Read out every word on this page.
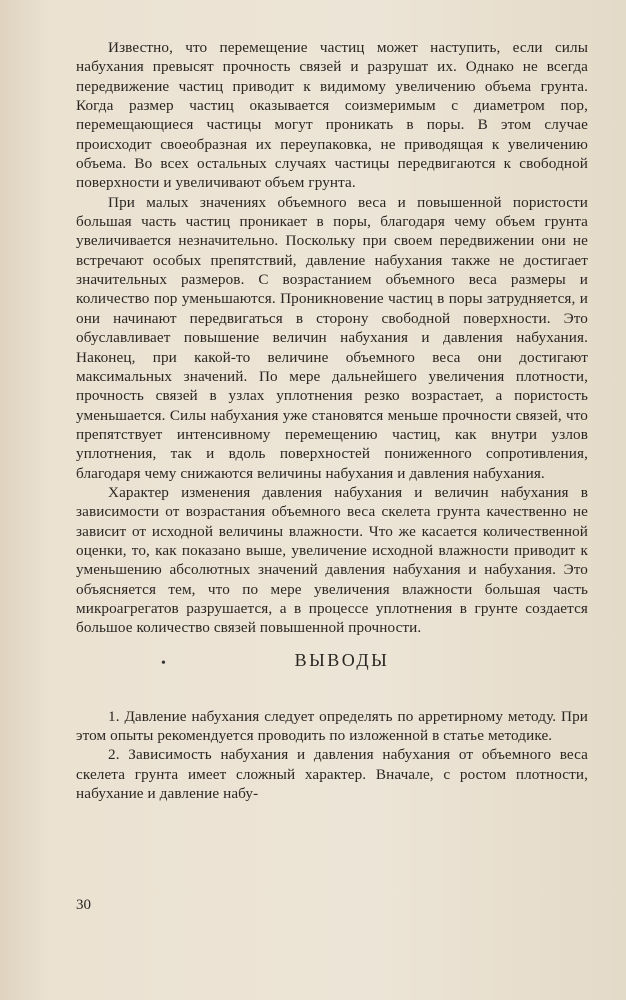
Известно, что перемещение частиц может наступить, если силы набухания превысят прочность связей и разрушат их. Однако не всегда передвижение частиц приводит к видимому увеличению объема грунта. Когда размер частиц оказывается соизмеримым с диаметром пор, перемещающиеся частицы могут проникать в поры. В этом случае происходит своеобразная их переупаковка, не приводящая к увеличению объема. Во всех остальных случаях частицы передвигаются к свободной поверхности и увеличивают объем грунта.

При малых значениях объемного веса и повышенной пористости большая часть частиц проникает в поры, благодаря чему объем грунта увеличивается незначительно. Поскольку при своем передвижении они не встречают особых препятствий, давление набухания также не достигает значительных размеров. С возрастанием объемного веса размеры и количество пор уменьшаются. Проникновение частиц в поры затрудняется, и они начинают передвигаться в сторону свободной поверхности. Это обуславливает повышение величин набухания и давления набухания. Наконец, при какой-то величине объемного веса они достигают максимальных значений. По мере дальнейшего увеличения плотности, прочность связей в узлах уплотнения резко возрастает, а пористость уменьшается. Силы набухания уже становятся меньше прочности связей, что препятствует интенсивному перемещению частиц, как внутри узлов уплотнения, так и вдоль поверхностей пониженного сопротивления, благодаря чему снижаются величины набухания и давления набухания.

Характер изменения давления набухания и величин набухания в зависимости от возрастания объемного веса скелета грунта качественно не зависит от исходной величины влажности. Что же касается количественной оценки, то, как показано выше, увеличение исходной влажности приводит к уменьшению абсолютных значений давления набухания и набухания. Это объясняется тем, что по мере увеличения влажности большая часть микроагрегатов разрушается, а в процессе уплотнения в грунте создается большое количество связей повышенной прочности.

•	ВЫВОДЫ

1. Давление набухания следует определять по арретирному методу. При этом опыты рекомендуется проводить по изложенной в статье методике.

2. Зависимость набухания и давления набухания от объемного веса скелета грунта имеет сложный характер. Вначале, с ростом плотности, набухание и давление набу-

30
